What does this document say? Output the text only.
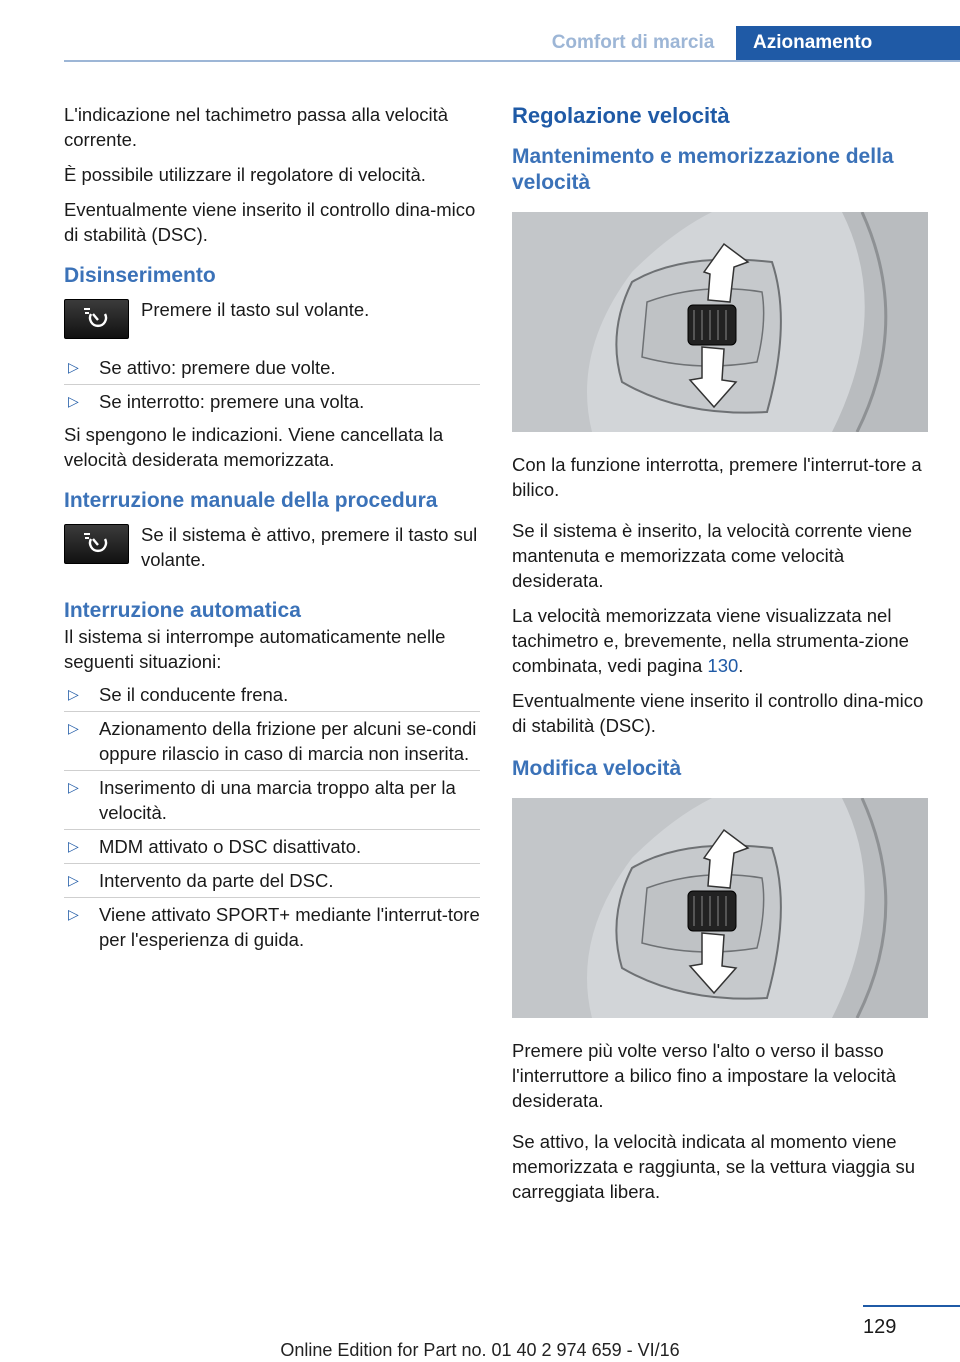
Comfort di marcia	Azionamento

L'indicazione nel tachimetro passa alla velocità corrente.

È possibile utilizzare il regolatore di velocità.

Eventualmente viene inserito il controllo dina‐mico di stabilità (DSC).

Disinserimento
Premere il tasto sul volante.
▷ Se attivo: premere due volte.
▷ Se interrotto: premere una volta.

Si spengono le indicazioni. Viene cancellata la velocità desiderata memorizzata.

Interruzione manuale della procedura
Se il sistema è attivo, premere il tasto sul volante.
Interruzione automatica

Il sistema si interrompe automaticamente nelle seguenti situazioni:

▷ Se il conducente frena.
▷ Azionamento della frizione per alcuni se‐condi oppure rilascio in caso di marcia non inserita.
▷ Inserimento di una marcia troppo alta per la velocità.
▷ MDM attivato o DSC disattivato.
▷ Intervento da parte del DSC.
▷ Viene attivato SPORT+ mediante l'interrut‐tore per l'esperienza di guida.
Regolazione velocità
Mantenimento e memorizzazione della velocità

Con la funzione interrotta, premere l'interrut‐tore a bilico.

Se il sistema è inserito, la velocità corrente viene mantenuta e memorizzata come velocità desiderata.

La velocità memorizzata viene visualizzata nel tachimetro e, brevemente, nella strumenta‐zione combinata, vedi pagina 130.

Eventualmente viene inserito il controllo dina‐mico di stabilità (DSC).

Modifica velocità

Premere più volte verso l'alto o verso il basso l'interruttore a bilico fino a impostare la velocità desiderata.

Se attivo, la velocità indicata al momento viene memorizzata e raggiunta, se la vettura viaggia su carreggiata libera.

129
Online Edition for Part no. 01 40 2 974 659 - VI/16
